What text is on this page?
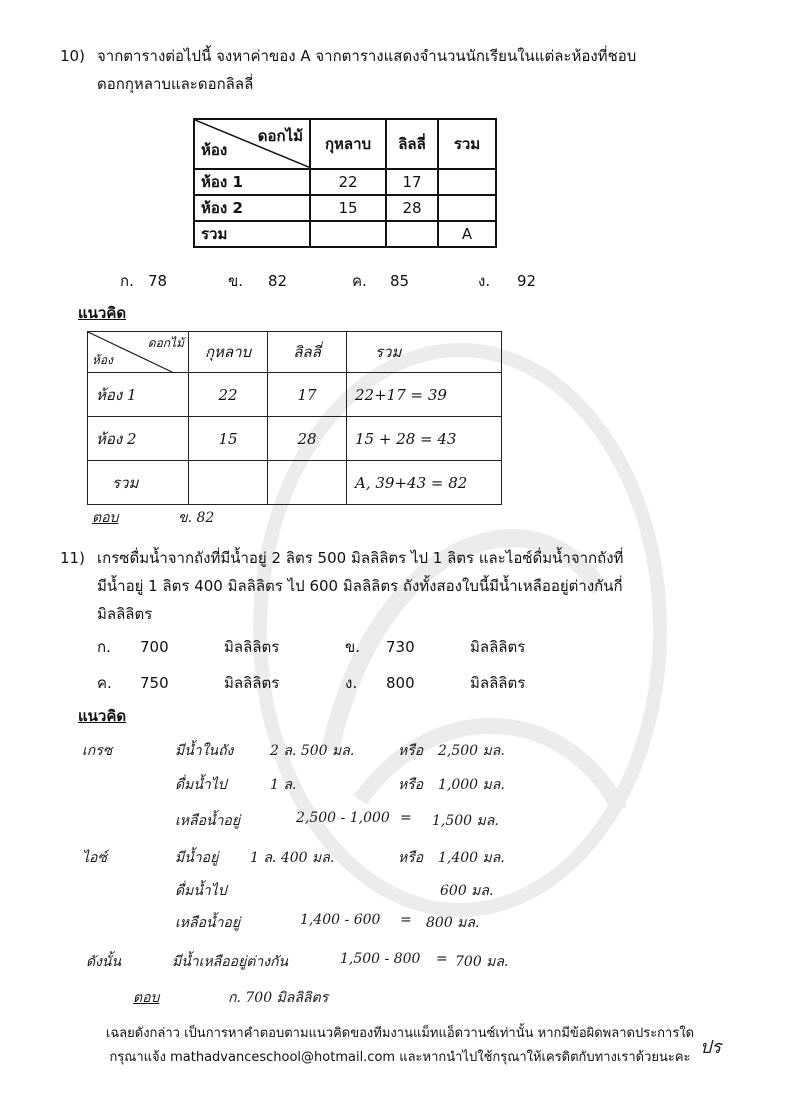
10) จากตารางต่อไปนี้ จงหาค่าของ A จากตารางแสดงจำนวนนักเรียนในแต่ละห้องที่ชอบ
ดอกกุหลาบและดอกลิลลี่
ดอกไม้
ห้อง	กุหลาบ	ลิลลี่	รวม
ห้อง 1	22	17	
ห้อง 2	15	28	
รวม			A
ก. 78	ข. 82	ค. 85	ง. 92
แนวคิด
ดอกไม้
ห้อง	กุหลาบ	ลิลลี่	รวม
ห้อง 1	22	17	22+17 = 39
ห้อง 2	15	28	15 + 28 = 43
รวม			A, 39+43 = 82
ตอบ	ข. 82
11) เกรซดื่มน้ำจากถังที่มีน้ำอยู่ 2 ลิตร 500 มิลลิลิตร ไป 1 ลิตร และไอซ์ดื่มน้ำจากถังที่
มีน้ำอยู่ 1 ลิตร 400 มิลลิลิตร ไป 600 มิลลิลิตร ถังทั้งสองใบนี้มีน้ำเหลืออยู่ต่างกันกี่
มิลลิลิตร
ก. 700	มิลลิลิตร	ข. 730	มิลลิลิตร
ค. 750	มิลลิลิตร	ง. 800	มิลลิลิตร
แนวคิด
เกรซ	มีน้ำในถัง	2 ล. 500 มล.	หรือ 2,500 มล.
ดื่มน้ำไป	1 ล.	หรือ 1,000 มล.
เหลือน้ำอยู่	2,500 - 1,000 = 1,500 มล.
ไอซ์	มีน้ำอยู่ 1 ล. 400 มล.	หรือ 1,400 มล.
ดื่มน้ำไป	600 มล.
เหลือน้ำอยู่	1,400 - 600 = 800 มล.
ดังนั้น	มีน้ำเหลืออยู่ต่างกัน	1,500 - 800 = 700 มล.
ตอบ	ก. 700 มิลลิลิตร
เฉลยดังกล่าว เป็นการหาคำตอบตามแนวคิดของทีมงานแม็ทแอ็ดวานซ์เท่านั้น หากมีข้อผิดพลาดประการใด
กรุณาแจ้ง mathadvanceschool@hotmail.com และหากนำไปใช้กรุณาให้เครดิตกับทางเราด้วยนะคะ ปร
